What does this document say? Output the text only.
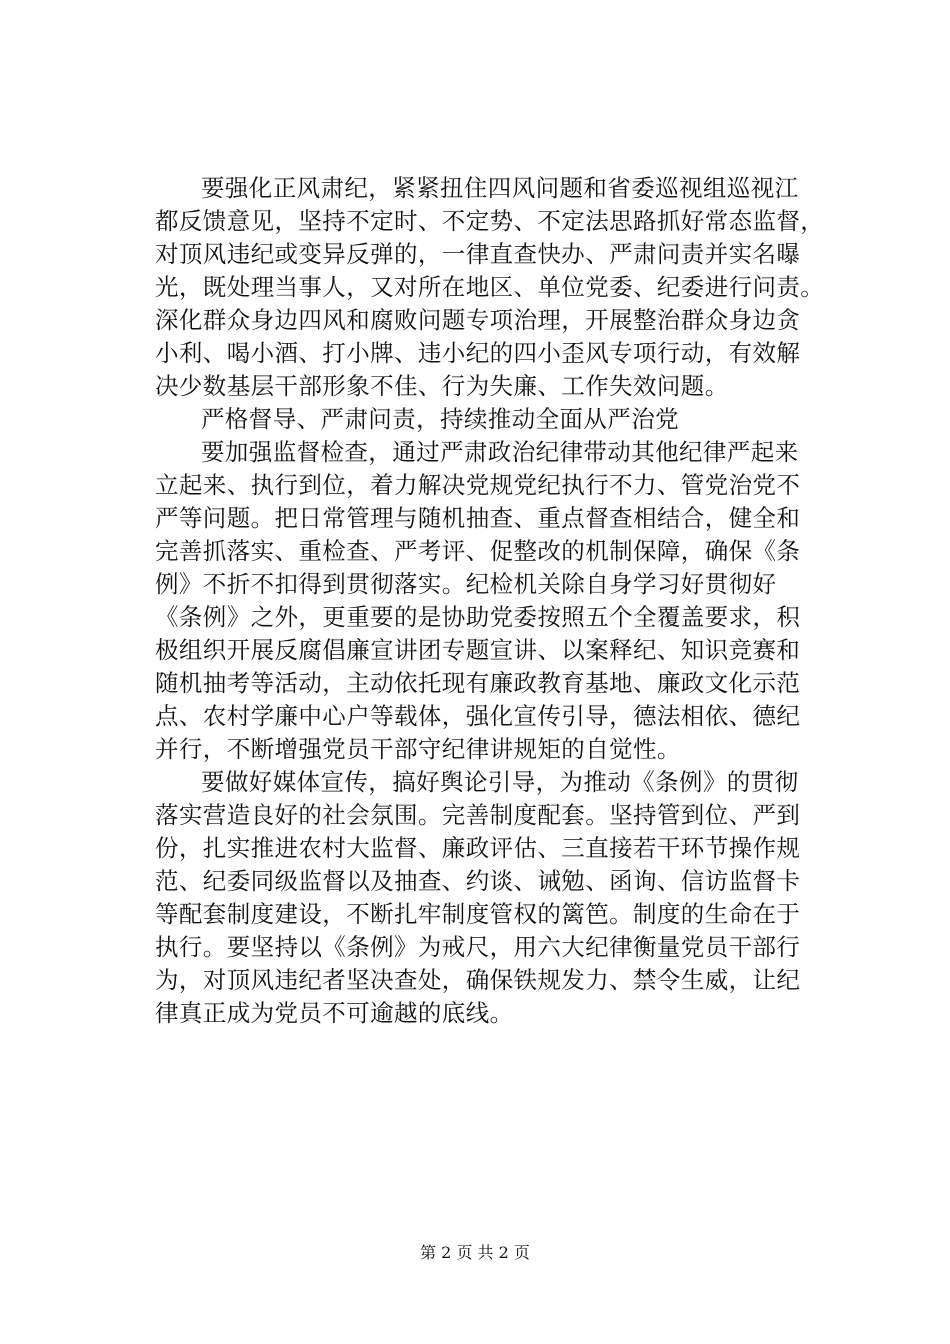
要强化正风肃纪，紧紧扭住四风问题和省委巡视组巡视江
都反馈意见，坚持不定时、不定势、不定法思路抓好常态监督，
对顶风违纪或变异反弹的，一律直查快办、严肃问责并实名曝
光，既处理当事人，又对所在地区、单位党委、纪委进行问责。
深化群众身边四风和腐败问题专项治理，开展整治群众身边贪
小利、喝小酒、打小牌、违小纪的四小歪风专项行动，有效解
决少数基层干部形象不佳、行为失廉、工作失效问题。
严格督导、严肃问责，持续推动全面从严治党
要加强监督检查，通过严肃政治纪律带动其他纪律严起来
立起来、执行到位，着力解决党规党纪执行不力、管党治党不
严等问题。把日常管理与随机抽查、重点督查相结合，健全和
完善抓落实、重检查、严考评、促整改的机制保障，确保《条
例》不折不扣得到贯彻落实。纪检机关除自身学习好贯彻好
《条例》之外，更重要的是协助党委按照五个全覆盖要求，积
极组织开展反腐倡廉宣讲团专题宣讲、以案释纪、知识竞赛和
随机抽考等活动，主动依托现有廉政教育基地、廉政文化示范
点、农村学廉中心户等载体，强化宣传引导，德法相依、德纪
并行，不断增强党员干部守纪律讲规矩的自觉性。
要做好媒体宣传，搞好舆论引导，为推动《条例》的贯彻
落实营造良好的社会氛围。完善制度配套。坚持管到位、严到
份，扎实推进农村大监督、廉政评估、三直接若干环节操作规
范、纪委同级监督以及抽查、约谈、诫勉、函询、信访监督卡
等配套制度建设，不断扎牢制度管权的篱笆。制度的生命在于
执行。要坚持以《条例》为戒尺，用六大纪律衡量党员干部行
为，对顶风违纪者坚决查处，确保铁规发力、禁令生威，让纪
律真正成为党员不可逾越的底线。
第 2 页 共 2 页
